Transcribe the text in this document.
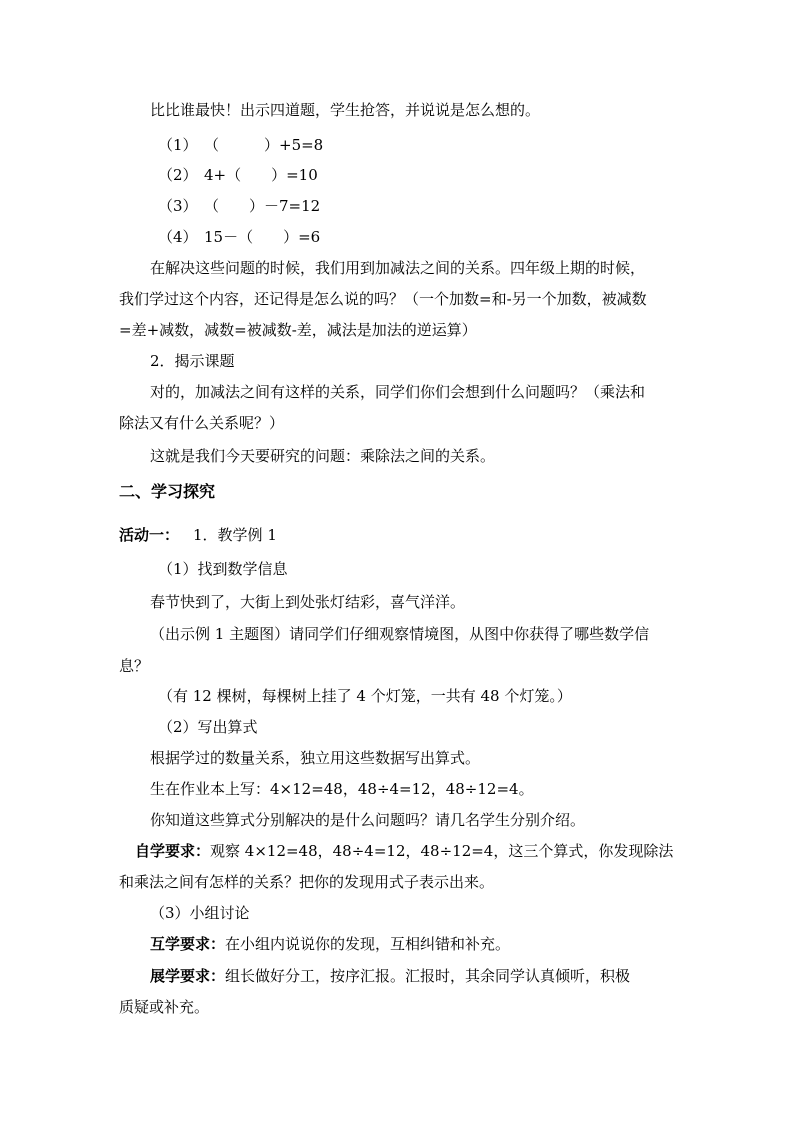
比比谁最快！出示四道题，学生抢答，并说说是怎么想的。
（1） （　　　）+5=8
（2） 4+（　　）=10
（3） （　　）－7=12
（4） 15－（　　）=6
在解决这些问题的时候，我们用到加减法之间的关系。四年级上期的时候，
我们学过这个内容，还记得是怎么说的吗？（一个加数=和-另一个加数，被减数
=差+减数，减数=被减数-差，减法是加法的逆运算）
2．揭示课题
对的，加减法之间有这样的关系，同学们你们会想到什么问题吗？（乘法和
除法又有什么关系呢？）
这就是我们今天要研究的问题：乘除法之间的关系。
二、学习探究
活动一： 1．教学例 1
（1）找到数学信息
春节快到了，大街上到处张灯结彩，喜气洋洋。
（出示例 1 主题图）请同学们仔细观察情境图，从图中你获得了哪些数学信
息？
（有 12 棵树，每棵树上挂了 4 个灯笼，一共有 48 个灯笼。）
（2）写出算式
根据学过的数量关系，独立用这些数据写出算式。
生在作业本上写：4×12=48，48÷4=12，48÷12=4。
你知道这些算式分别解决的是什么问题吗？请几名学生分别介绍。
自学要求：观察 4×12=48，48÷4=12，48÷12=4，这三个算式，你发现除法
和乘法之间有怎样的关系？把你的发现用式子表示出来。
（3）小组讨论
互学要求：在小组内说说你的发现，互相纠错和补充。
展学要求：组长做好分工，按序汇报。汇报时，其余同学认真倾听，积极
质疑或补充。
